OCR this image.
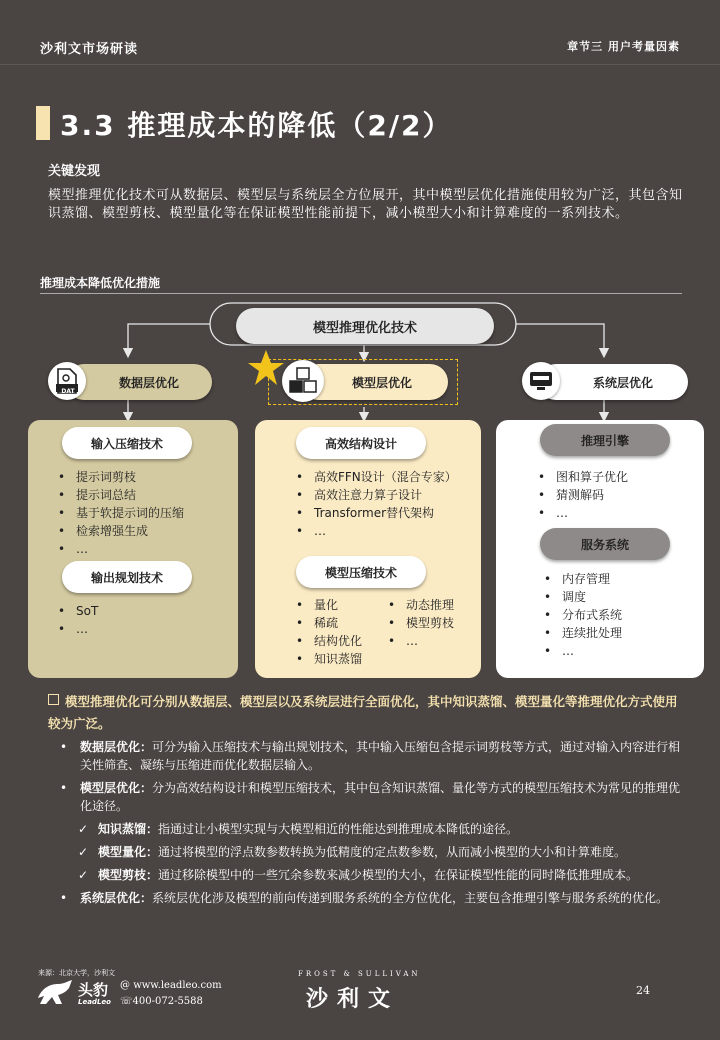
沙利文市场研读	章节三 用户考量因素
3.3 推理成本的降低（2/2）
关键发现
模型推理优化技术可从数据层、模型层与系统层全方位展开，其中模型层优化措施使用较为广泛，其包含知识蒸馏、模型剪枝、模型量化等在保证模型性能前提下，减小模型大小和计算难度的一系列技术。
推理成本降低优化措施
模型推理优化技术
数据层优化
DAT
模型层优化	系统层优化
输入压缩技术
• 提示词剪枝
• 提示词总结
• 基于软提示词的压缩
• 检索增强生成
• …
输出规划技术
• SoT
• …
高效结构设计
• 高效FFN设计（混合专家）
• 高效注意力算子设计
• Transformer替代架构
• …
模型压缩技术
• 量化
• 稀疏
• 结构优化
• 知识蒸馏
• 动态推理
• 模型剪枝
• …
推理引擎
• 图和算子优化
• 猜测解码
• …
服务系统
• 内存管理
• 调度
• 分布式系统
• 连续批处理
• …
模型推理优化可分别从数据层、模型层以及系统层进行全面优化，其中知识蒸馏、模型量化等推理优化方式使用较为广泛。
• 数据层优化：可分为输入压缩技术与输出规划技术，其中输入压缩包含提示词剪枝等方式，通过对输入内容进行相关性筛查、凝练与压缩进而优化数据层输入。
• 模型层优化：分为高效结构设计和模型压缩技术，其中包含知识蒸馏、量化等方式的模型压缩技术为常见的推理优化途径。
✓ 知识蒸馏：指通过让小模型实现与大模型相近的性能达到推理成本降低的途径。
✓ 模型量化：通过将模型的浮点数参数转换为低精度的定点数参数，从而减小模型的大小和计算难度。
✓ 模型剪枝：通过移除模型中的一些冗余参数来减少模型的大小，在保证模型性能的同时降低推理成本。
• 系统层优化：系统层优化涉及模型的前向传递到服务系统的全方位优化，主要包含推理引擎与服务系统的优化。
来源：北京大学，沙利文
头豹
LeadLeo
@ www.leadleo.com
☏400-072-5588
FROST & SULLIVAN
沙利文	24
